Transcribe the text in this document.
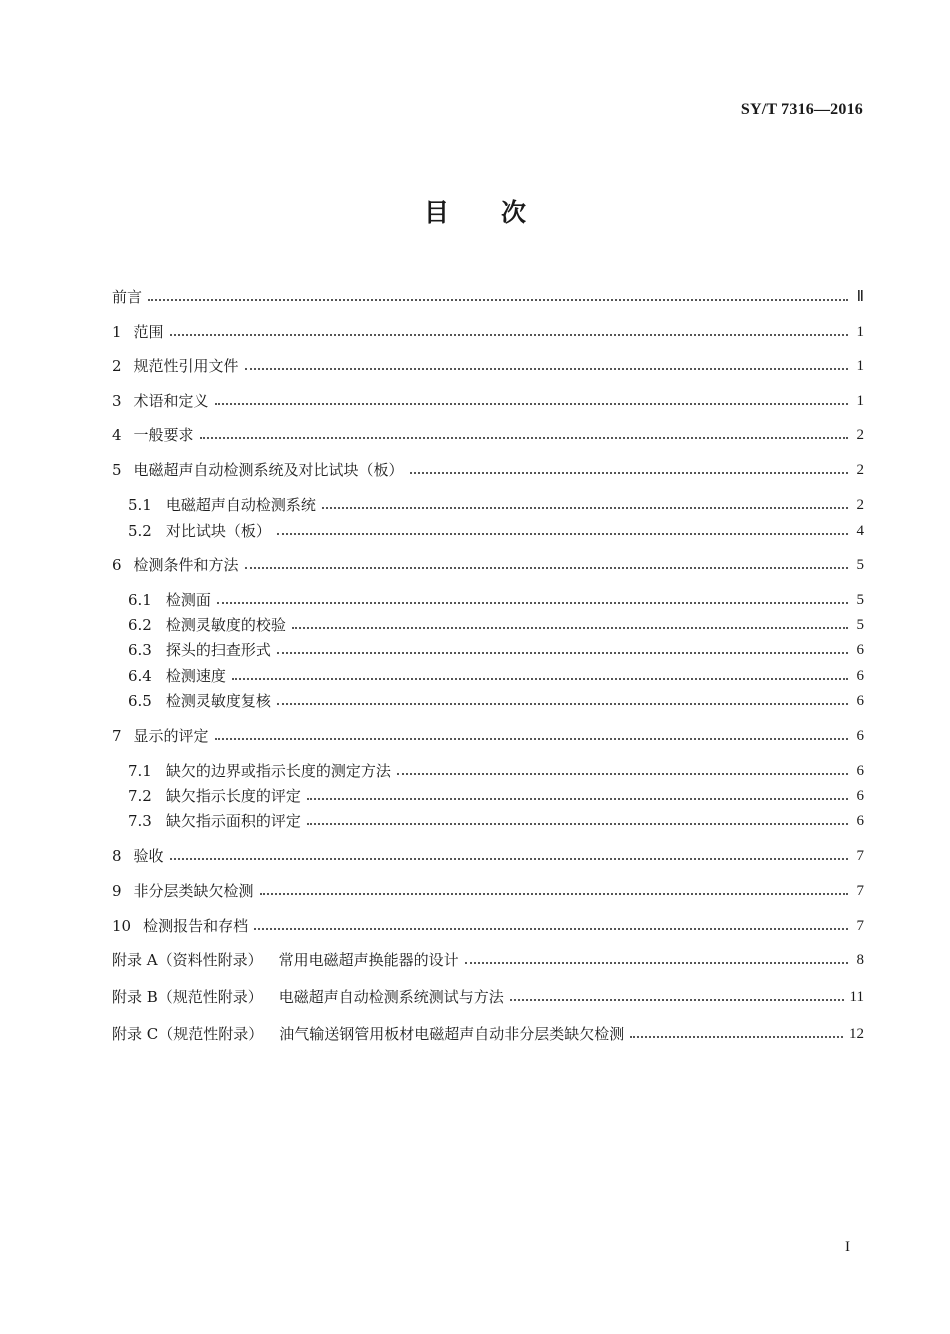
SY/T 7316—2016
目次
前言	Ⅱ
1 范围	1
2 规范性引用文件	1
3 术语和定义	1
4 一般要求	2
5 电磁超声自动检测系统及对比试块（板）	2
5.1 电磁超声自动检测系统	2
5.2 对比试块（板）	4
6 检测条件和方法	5
6.1 检测面	5
6.2 检测灵敏度的校验	5
6.3 探头的扫查形式	6
6.4 检测速度	6
6.5 检测灵敏度复核	6
7 显示的评定	6
7.1 缺欠的边界或指示长度的测定方法	6
7.2 缺欠指示长度的评定	6
7.3 缺欠指示面积的评定	6
8 验收	7
9 非分层类缺欠检测	7
10 检测报告和存档	7
附录 A（资料性附录） 常用电磁超声换能器的设计	8
附录 B（规范性附录） 电磁超声自动检测系统测试与方法	11
附录 C（规范性附录） 油气输送钢管用板材电磁超声自动非分层类缺欠检测	12
I
